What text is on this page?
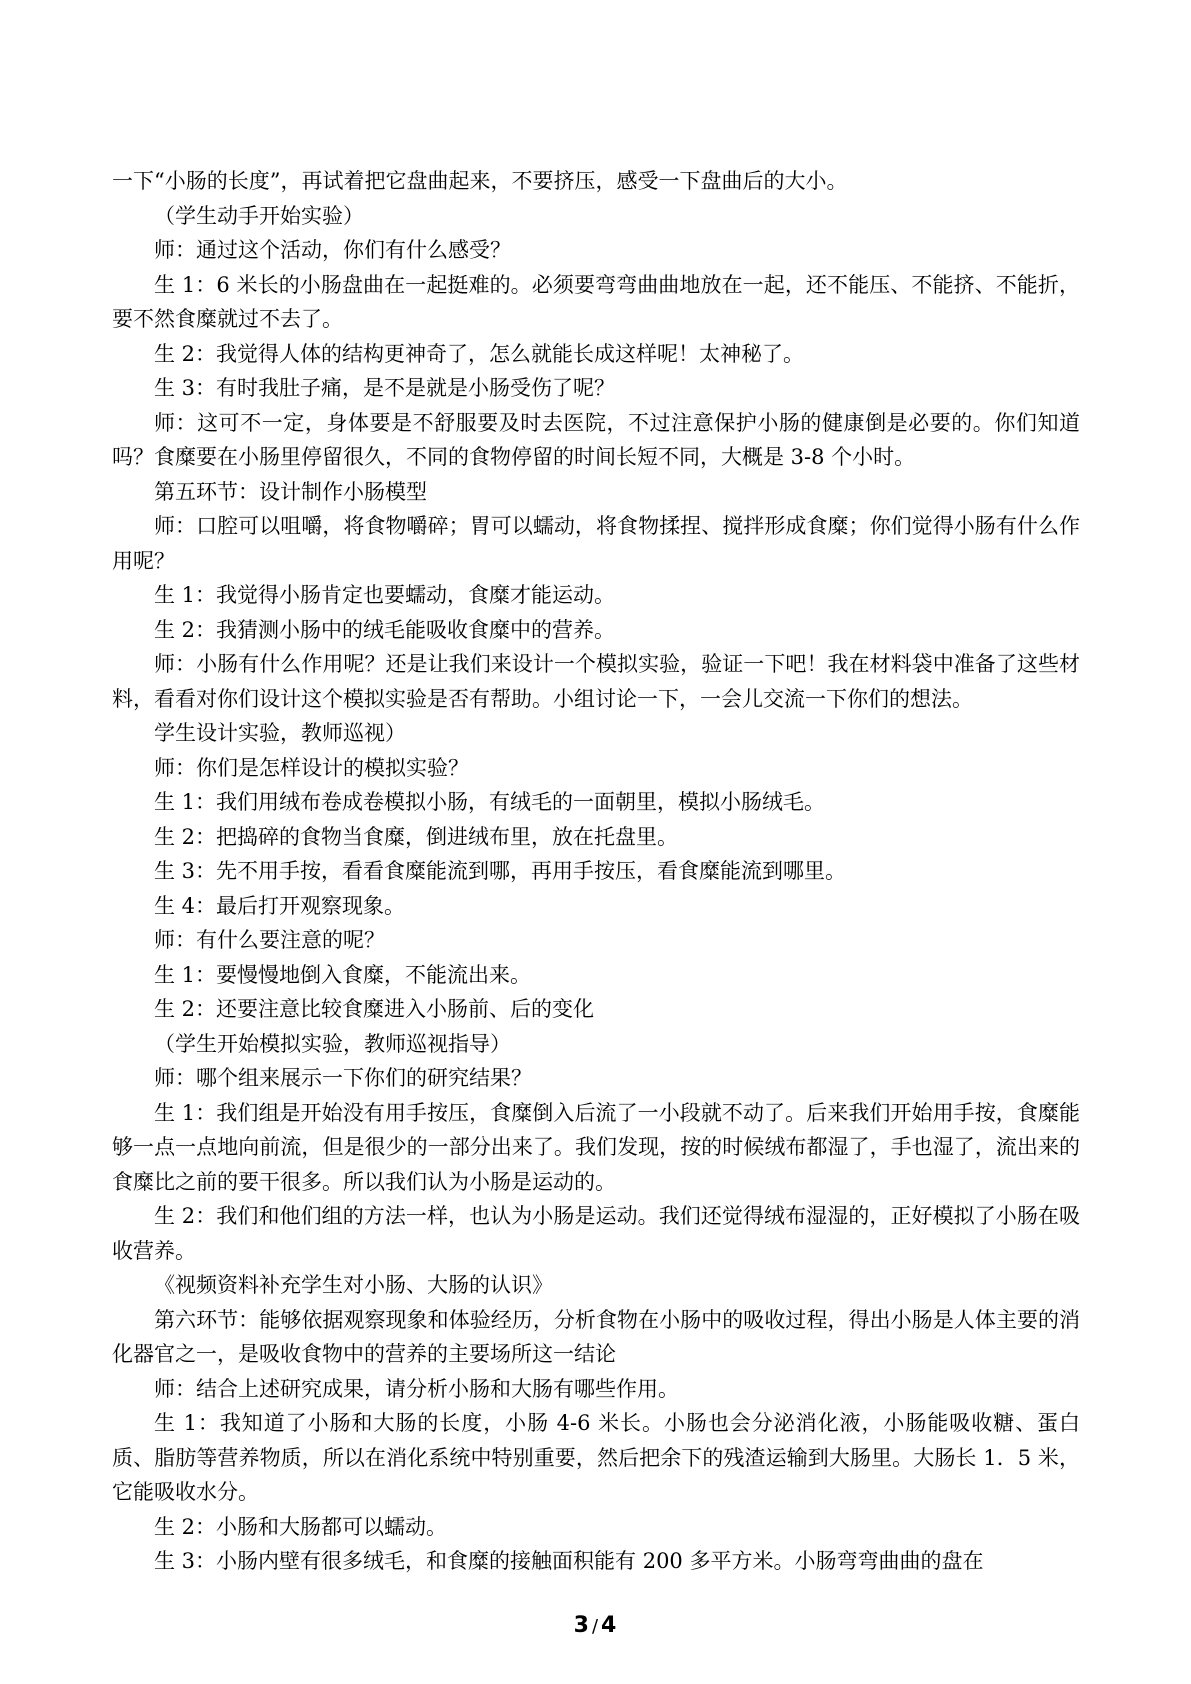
一下“小肠的长度”，再试着把它盘曲起来，不要挤压，感受一下盘曲后的大小。

（学生动手开始实验）

师：通过这个活动，你们有什么感受？

生 1：6 米长的小肠盘曲在一起挺难的。必须要弯弯曲曲地放在一起，还不能压、不能挤、不能折，要不然食糜就过不去了。

生 2：我觉得人体的结构更神奇了，怎么就能长成这样呢！太神秘了。

生 3：有时我肚子痛，是不是就是小肠受伤了呢？

师：这可不一定，身体要是不舒服要及时去医院，不过注意保护小肠的健康倒是必要的。你们知道吗？食糜要在小肠里停留很久，不同的食物停留的时间长短不同，大概是 3-8 个小时。

第五环节：设计制作小肠模型

师：口腔可以咀嚼，将食物嚼碎；胃可以蠕动，将食物揉捏、搅拌形成食糜；你们觉得小肠有什么作用呢？

生 1：我觉得小肠肯定也要蠕动，食糜才能运动。

生 2：我猜测小肠中的绒毛能吸收食糜中的营养。

师：小肠有什么作用呢？还是让我们来设计一个模拟实验，验证一下吧！我在材料袋中准备了这些材料，看看对你们设计这个模拟实验是否有帮助。小组讨论一下，一会儿交流一下你们的想法。

学生设计实验，教师巡视）

师：你们是怎样设计的模拟实验？

生 1：我们用绒布卷成卷模拟小肠，有绒毛的一面朝里，模拟小肠绒毛。

生 2：把捣碎的食物当食糜，倒进绒布里，放在托盘里。

生 3：先不用手按，看看食糜能流到哪，再用手按压，看食糜能流到哪里。

生 4：最后打开观察现象。

师：有什么要注意的呢？

生 1：要慢慢地倒入食糜，不能流出来。

生 2：还要注意比较食糜进入小肠前、后的变化

（学生开始模拟实验，教师巡视指导）

师：哪个组来展示一下你们的研究结果？

生 1：我们组是开始没有用手按压，食糜倒入后流了一小段就不动了。后来我们开始用手按，食糜能够一点一点地向前流，但是很少的一部分出来了。我们发现，按的时候绒布都湿了，手也湿了，流出来的食糜比之前的要干很多。所以我们认为小肠是运动的。

生 2：我们和他们组的方法一样，也认为小肠是运动。我们还觉得绒布湿湿的，正好模拟了小肠在吸收营养。

《视频资料补充学生对小肠、大肠的认识》

第六环节：能够依据观察现象和体验经历，分析食物在小肠中的吸收过程，得出小肠是人体主要的消化器官之一，是吸收食物中的营养的主要场所这一结论

师：结合上述研究成果，请分析小肠和大肠有哪些作用。

生 1：我知道了小肠和大肠的长度，小肠 4-6 米长。小肠也会分泌消化液，小肠能吸收糖、蛋白质、脂肪等营养物质，所以在消化系统中特别重要，然后把余下的残渣运输到大肠里。大肠长 1．5 米，它能吸收水分。

生 2：小肠和大肠都可以蠕动。

生 3：小肠内壁有很多绒毛，和食糜的接触面积能有 200 多平方米。小肠弯弯曲曲的盘在

3 /4
